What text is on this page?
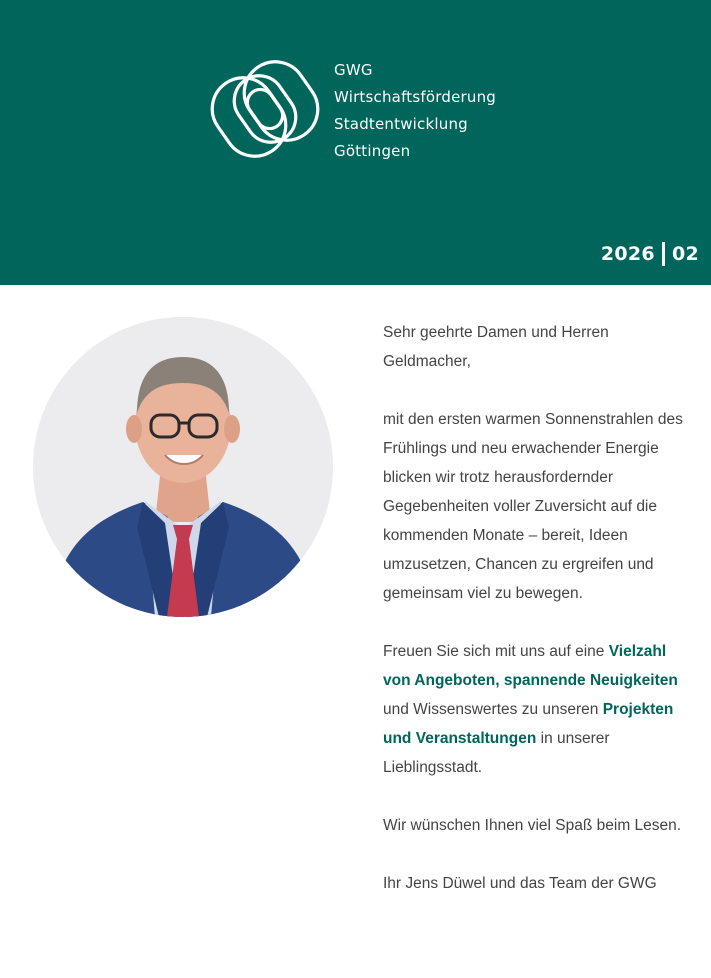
GWG
Wirtschaftsförderung
Stadtentwicklung
Göttingen
2026 02

Sehr geehrte Damen und Herren Geldmacher,

mit den ersten warmen Sonnenstrahlen des Frühlings und neu erwachender Energie blicken wir trotz herausfordernder Gegebenheiten voller Zuversicht auf die kommenden Monate – bereit, Ideen umzusetzen, Chancen zu ergreifen und gemeinsam viel zu bewegen.

Freuen Sie sich mit uns auf eine Vielzahl von Angeboten, spannende Neuigkeiten und Wissenswertes zu unseren Projekten und Veranstaltungen in unserer Lieblingsstadt.

Wir wünschen Ihnen viel Spaß beim Lesen.

Ihr Jens Düwel und das Team der GWG
